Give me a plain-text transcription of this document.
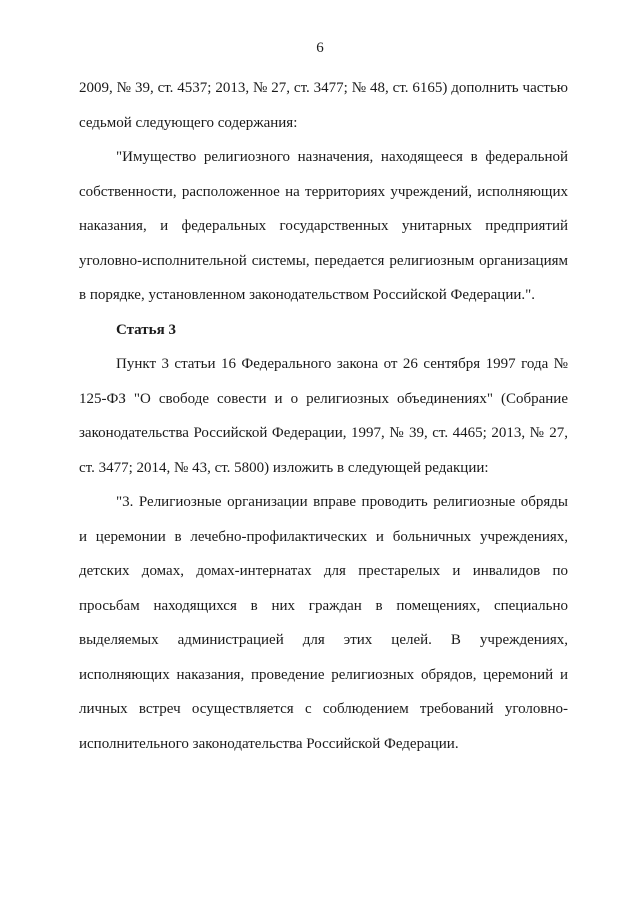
6

2009, № 39, ст. 4537; 2013, № 27, ст. 3477; № 48, ст. 6165) дополнить частью седьмой следующего содержания:

"Имущество религиозного назначения, находящееся в федеральной собственности, расположенное на территориях учреждений, исполняющих наказания, и федеральных государственных унитарных предприятий уголовно-исполнительной системы, передается религиозным организациям в порядке, установленном законодательством Российской Федерации.".

Статья 3

Пункт 3 статьи 16 Федерального закона от 26 сентября 1997 года № 125-ФЗ "О свободе совести и о религиозных объединениях" (Собрание законодательства Российской Федерации, 1997, № 39, ст. 4465; 2013, № 27, ст. 3477; 2014, № 43, ст. 5800) изложить в следующей редакции:

"3. Религиозные организации вправе проводить религиозные обряды и церемонии в лечебно-профилактических и больничных учреждениях, детских домах, домах-интернатах для престарелых и инвалидов по просьбам находящихся в них граждан в помещениях, специально выделяемых администрацией для этих целей. В учреждениях, исполняющих наказания, проведение религиозных обрядов, церемоний и личных встреч осуществляется с соблюдением требований уголовно-исполнительного законодательства Российской Федерации.
